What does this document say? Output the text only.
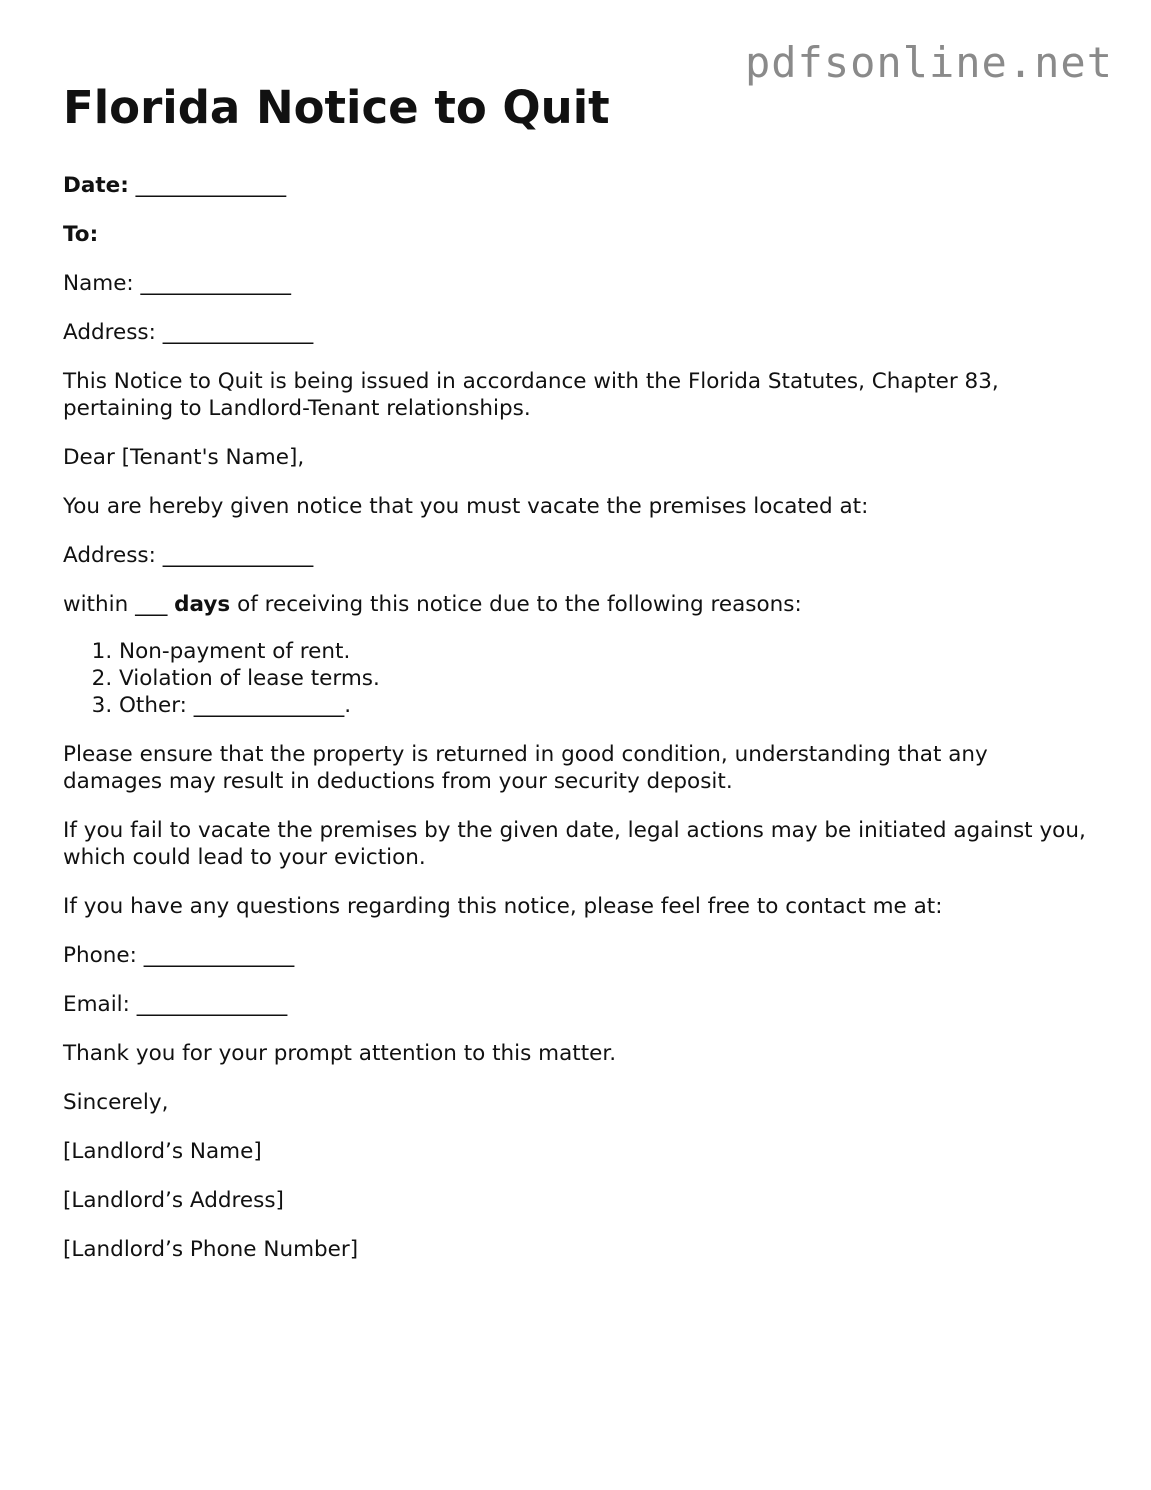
pdfsonline.net
Florida Notice to Quit

Date: ______________

To:

Name: ______________

Address: ______________

This Notice to Quit is being issued in accordance with the Florida Statutes, Chapter 83, pertaining to Landlord-Tenant relationships.

Dear [Tenant's Name],

You are hereby given notice that you must vacate the premises located at:

Address: ______________

within ___ days of receiving this notice due to the following reasons:

1. Non-payment of rent.
2. Violation of lease terms.
3. Other: ______________.

Please ensure that the property is returned in good condition, understanding that any damages may result in deductions from your security deposit.

If you fail to vacate the premises by the given date, legal actions may be initiated against you, which could lead to your eviction.

If you have any questions regarding this notice, please feel free to contact me at:

Phone: ______________

Email: ______________

Thank you for your prompt attention to this matter.

Sincerely,

[Landlord’s Name]

[Landlord’s Address]

[Landlord’s Phone Number]
